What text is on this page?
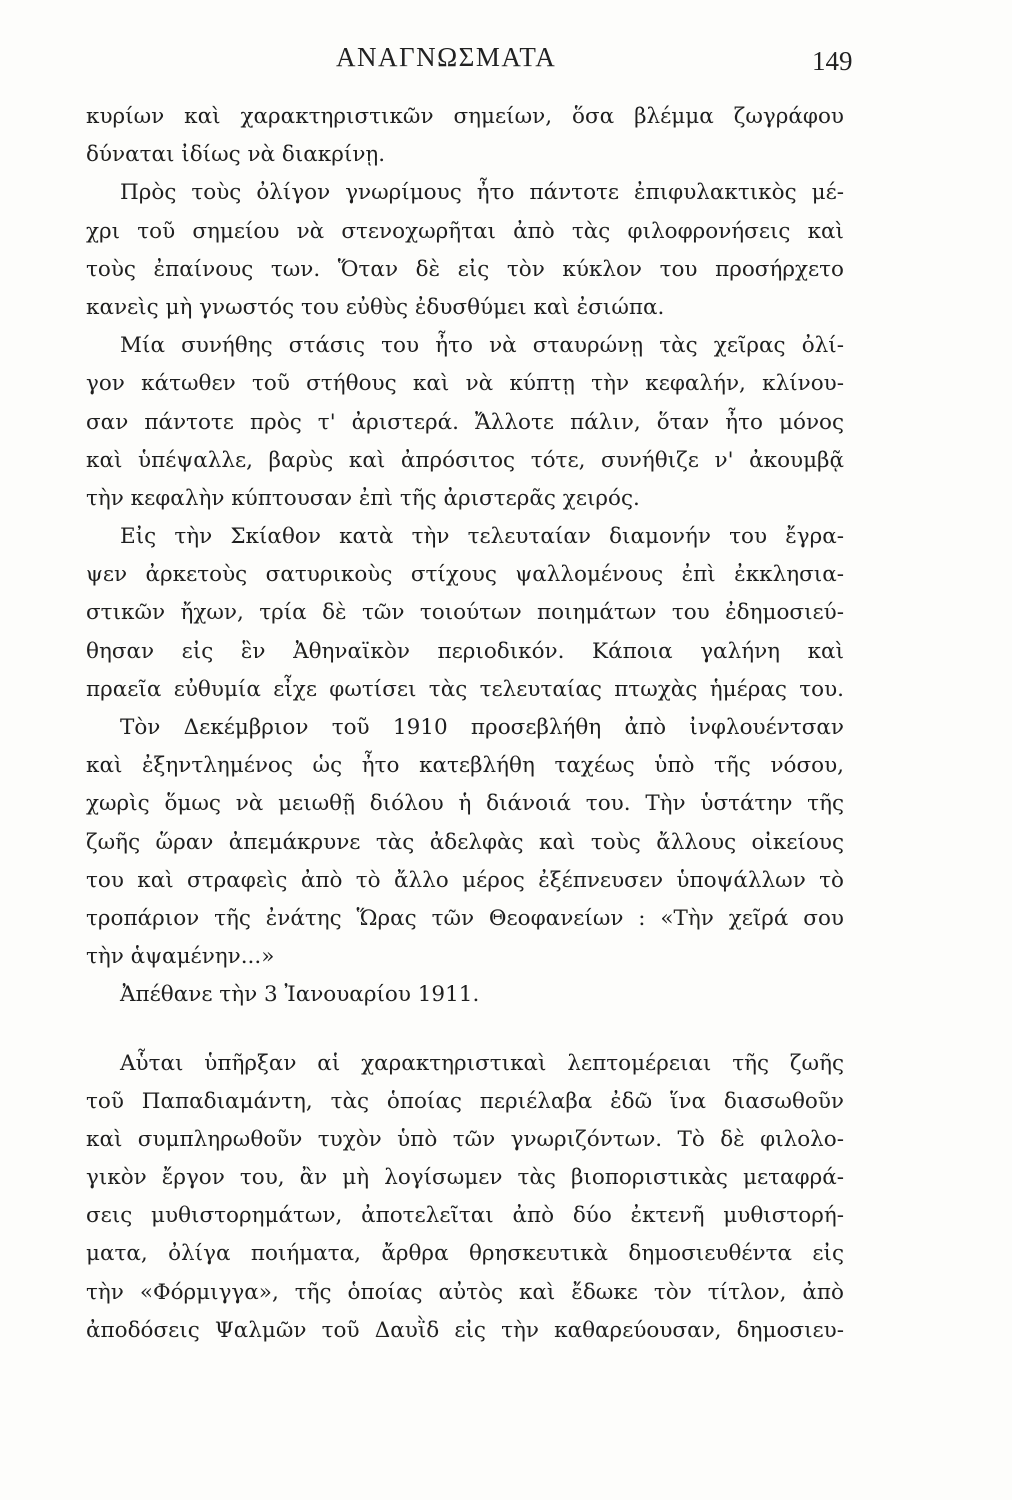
ΑΝΑΓΝΩΣΜΑΤΑ	149
κυρίων καὶ χαρακτηριστικῶν σημείων, ὅσα βλέμμα ζωγράφου
δύναται ἰδίως νὰ διακρίνῃ.
Πρὸς τοὺς ὀλίγον γνωρίμους ἦτο πάντοτε ἐπιφυλακτικὸς μέ-
χρι τοῦ σημείου νὰ στενοχωρῆται ἀπὸ τὰς φιλοφρονήσεις καὶ
τοὺς ἐπαίνους των. Ὅταν δὲ εἰς τὸν κύκλον του προσήρχετο
κανεὶς μὴ γνωστός του εὐθὺς ἐδυσθύμει καὶ ἐσιώπα.
Μία συνήθης στάσις του ἦτο νὰ σταυρώνῃ τὰς χεῖρας ὀλί-
γον κάτωθεν τοῦ στήθους καὶ νὰ κύπτῃ τὴν κεφαλήν, κλίνου-
σαν πάντοτε πρὸς τ' ἀριστερά. Ἄλλοτε πάλιν, ὅταν ἦτο μόνος
καὶ ὑπέψαλλε, βαρὺς καὶ ἀπρόσιτος τότε, συνήθιζε ν' ἀκουμβᾷ
τὴν κεφαλὴν κύπτουσαν ἐπὶ τῆς ἀριστερᾶς χειρός.
Εἰς τὴν Σκίαθον κατὰ τὴν τελευταίαν διαμονήν του ἔγρα-
ψεν ἀρκετοὺς σατυρικοὺς στίχους ψαλλομένους ἐπὶ ἐκκλησια-
στικῶν ἤχων, τρία δὲ τῶν τοιούτων ποιημάτων του ἐδημοσιεύ-
θησαν εἰς ἓν Ἀθηναϊκὸν περιοδικόν. Κάποια γαλήνη καὶ
πραεῖα εὐθυμία εἶχε φωτίσει τὰς τελευταίας πτωχὰς ἡμέρας του.
Τὸν Δεκέμβριον τοῦ 1910 προσεβλήθη ἀπὸ ἰνφλουέντσαν
καὶ ἐξηντλημένος ὡς ἦτο κατεβλήθη ταχέως ὑπὸ τῆς νόσου,
χωρὶς ὅμως νὰ μειωθῇ διόλου ἡ διάνοιά του. Τὴν ὑστάτην τῆς
ζωῆς ὥραν ἀπεμάκρυνε τὰς ἀδελφὰς καὶ τοὺς ἄλλους οἰκείους
του καὶ στραφεὶς ἀπὸ τὸ ἄλλο μέρος ἐξέπνευσεν ὑποψάλλων τὸ
τροπάριον τῆς ἐνάτης Ὥρας τῶν Θεοφανείων : «Τὴν χεῖρά σου
τὴν ἁψαμένην...»
Ἀπέθανε τὴν 3 Ἰανουαρίου 1911.
Αὗται ὑπῆρξαν αἱ χαρακτηριστικαὶ λεπτομέρειαι τῆς ζωῆς
τοῦ Παπαδιαμάντη, τὰς ὁποίας περιέλαβα ἐδῶ ἵνα διασωθοῦν
καὶ συμπληρωθοῦν τυχὸν ὑπὸ τῶν γνωριζόντων. Τὸ δὲ φιλολο-
γικὸν ἔργον του, ἂν μὴ λογίσωμεν τὰς βιοποριστικὰς μεταφρά-
σεις μυθιστορημάτων, ἀποτελεῖται ἀπὸ δύο ἐκτενῆ μυθιστορή-
ματα, ὀλίγα ποιήματα, ἄρθρα θρησκευτικὰ δημοσιευθέντα εἰς
τὴν «Φόρμιγγα», τῆς ὁποίας αὐτὸς καὶ ἔδωκε τὸν τίτλον, ἀπὸ
ἀποδόσεις Ψαλμῶν τοῦ Δαυῒδ εἰς τὴν καθαρεύουσαν, δημοσιευ-
